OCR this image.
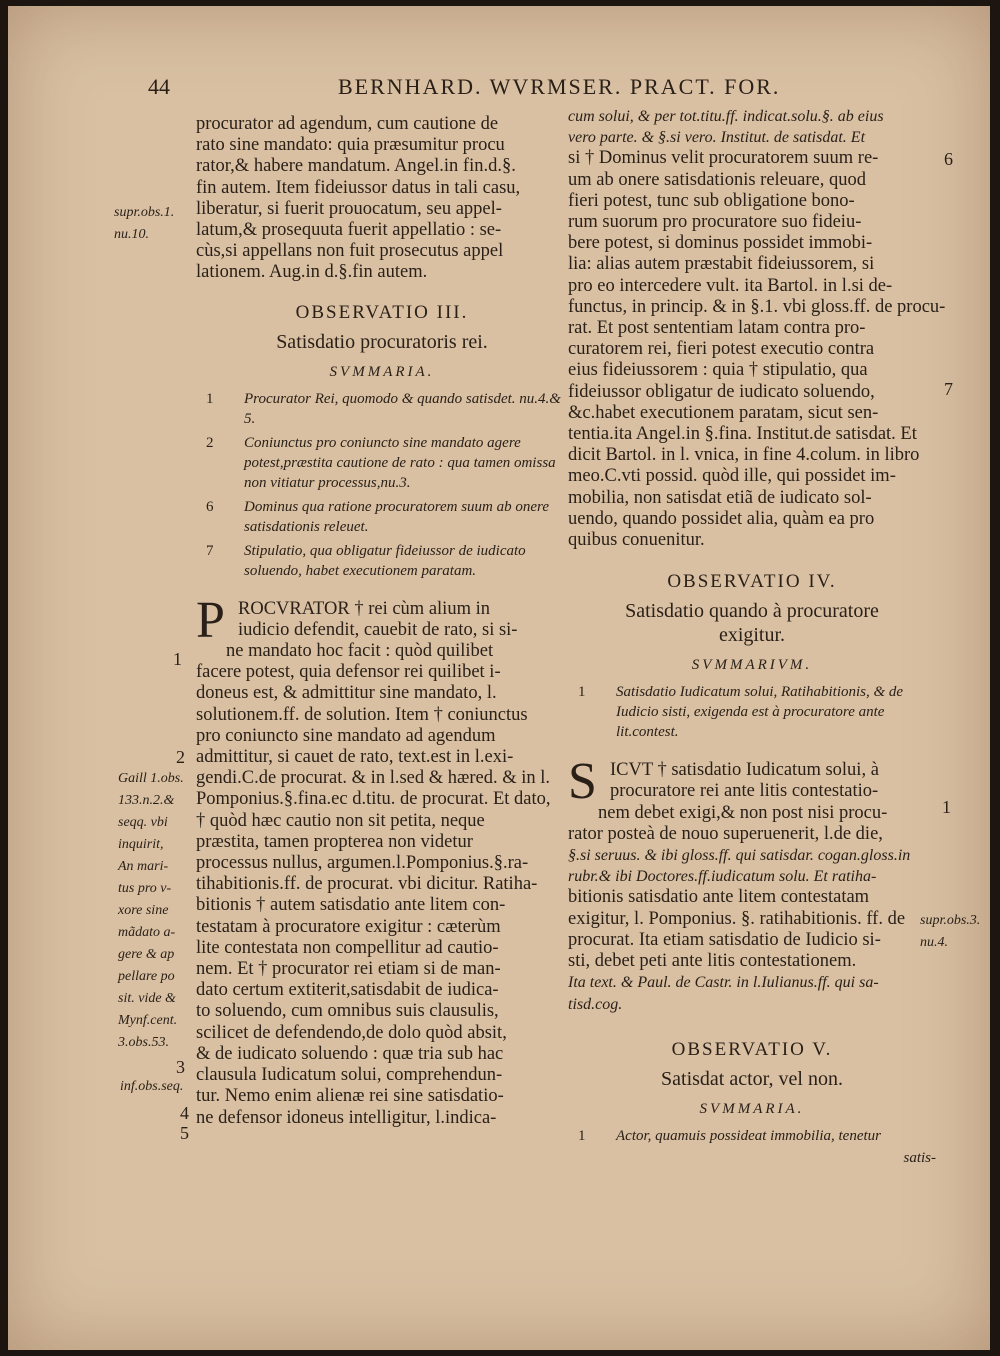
44	BERNHARD. WVRMSER. PRACT. FOR.
procurator ad agendum, cum cautione de
rato sine mandato: quia præsumitur procu
rator,& habere mandatum. Angel.in fin.d.§.
fin autem. Item fideiussor datus in tali casu,
liberatur, si fuerit prouocatum, seu appel-
latum,& prosequuta fuerit appellatio : se-
cùs,si appellans non fuit prosecutus appel
lationem. Aug.in d.§.fin autem.
OBSERVATIO III.
Satisdatio procuratoris rei.
SVMMARIA.
1 Procurator Rei, quomodo & quando satisdet. nu.4.& 5.
2 Coniunctus pro coniuncto sine mandato agere potest,præstita cautione de rato : qua tamen omissa non vitiatur processus,nu.3.
6 Dominus qua ratione procuratorem suum ab onere satisdationis releuet.
7 Stipulatio, qua obligatur fideiussor de iudicato soluendo, habet executionem paratam.
P ROCVRATOR † rei cùm alium in
iudicio defendit, cauebit de rato, si si-
ne mandato hoc facit : quòd quilibet
facere potest, quia defensor rei quilibet i-
doneus est, & admittitur sine mandato, l.
solutionem.ff. de solution. Item † coniunctus
pro coniuncto sine mandato ad agendum
admittitur, si cauet de rato, text.est in l.exi-
gendi.C.de procurat. & in l.sed & hæred. & in l.
Pomponius.§.fina.ec d.titu. de procurat. Et dato,
† quòd hæc cautio non sit petita, neque
præstita, tamen propterea non videtur
processus nullus, argumen.l.Pomponius.§.ra-
tihabitionis.ff. de procurat. vbi dicitur. Ratiha-
bitionis † autem satisdatio ante litem con-
testatam à procuratore exigitur : cæterùm
lite contestata non compellitur ad cautio-
nem. Et † procurator rei etiam si de man-
dato certum extiterit,satisdabit de iudica-
to soluendo, cum omnibus suis clausulis,
scilicet de defendendo,de dolo quòd absit,
& de iudicato soluendo : quæ tria sub hac
clausula Iudicatum solui, comprehendun-
tur. Nemo enim alienæ rei sine satisdatio-
ne defensor idoneus intelligitur, l.indica-
supr.obs.1.
nu.10.
1
2
Gaill 1.obs.
133.n.2.&
seqq. vbi
inquirit,
An mari-
tus pro v-
xore sine
mãdato a-
gere & ap
pellare po
sit. vide &
Mynf.cent.
3.obs.53.
3
inf.obs.seq.
4
5
cum solui, & per tot.titu.ff. indicat.solu.§. ab eius
vero parte. & §.si vero. Institut. de satisdat. Et
si † Dominus velit procuratorem suum re-
um ab onere satisdationis releuare, quod
fieri potest, tunc sub obligatione bono-
rum suorum pro procuratore suo fideiu-
bere potest, si dominus possidet immobi-
lia: alias autem præstabit fideiussorem, si
pro eo intercedere vult. ita Bartol. in l.si de-
functus, in princip. & in §.1. vbi gloss.ff. de procu-
rat. Et post sententiam latam contra pro-
curatorem rei, fieri potest executio contra
eius fideiussorem : quia † stipulatio, qua
fideiussor obligatur de iudicato soluendo,
&c.habet executionem paratam, sicut sen-
tentia.ita Angel.in §.fina. Institut.de satisdat. Et
dicit Bartol. in l. vnica, in fine 4.colum. in libro
meo.C.vti possid. quòd ille, qui possidet im-
mobilia, non satisdat etiã de iudicato sol-
uendo, quando possidet alia, quàm ea pro
quibus conuenitur.
OBSERVATIO IV.
Satisdatio quando à procuratore exigitur.
SVMMARIVM.
1 Satisdatio Iudicatum solui, Ratihabitionis, & de Iudicio sisti, exigenda est à procuratore ante lit.contest.
S ICVT † satisdatio Iudicatum solui, à
procuratore rei ante litis contestatio-
nem debet exigi,& non post nisi procu-
rator posteà de nouo superuenerit, l.de die,
§.si seruus. & ibi gloss.ff. qui satisdar. cogan.gloss.in
rubr.& ibi Doctores.ff.iudicatum solu. Et ratiha-
bitionis satisdatio ante litem contestatam
exigitur, l. Pomponius. §. ratihabitionis. ff. de
procurat. Ita etiam satisdatio de Iudicio si-
sti, debet peti ante litis contestationem.
Ita text. & Paul. de Castr. in l.Iulianus.ff. qui sa-
tisd.cog.
OBSERVATIO V.
Satisdat actor, vel non.
SVMMARIA.
1 Actor, quamuis possideat immobilia, tenetur
satis-
6
7
1
supr.obs.3.
nu.4.
